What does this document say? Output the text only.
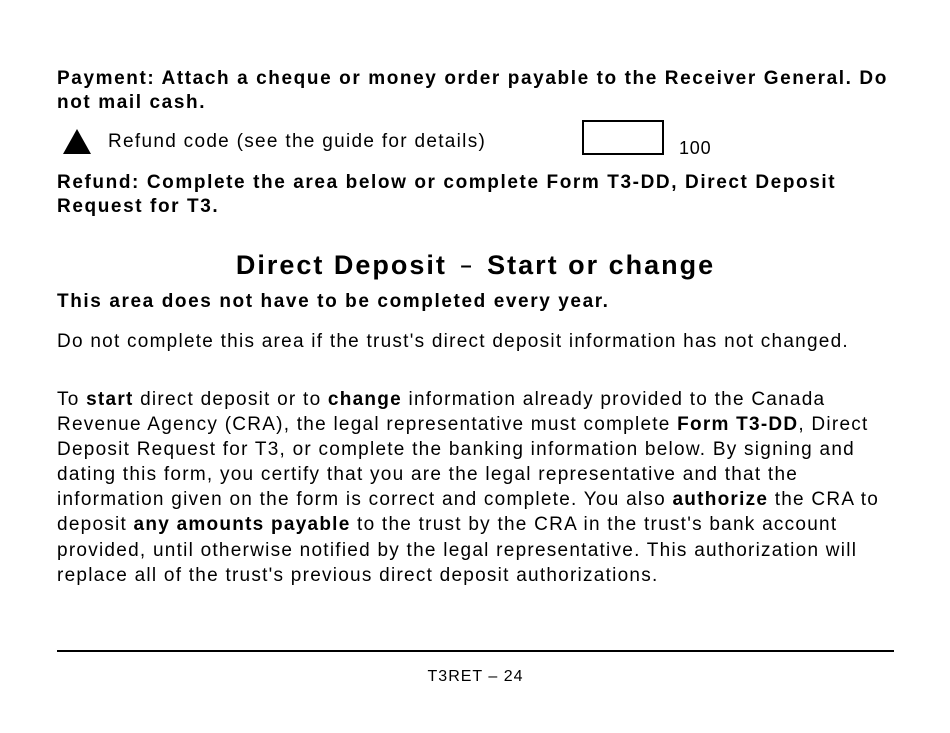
Payment: Attach a cheque or money order payable to the Receiver General. Do not mail cash.
Refund code (see the guide for details)	100
Refund: Complete the area below or complete Form T3-DD, Direct Deposit Request for T3.
Direct Deposit – Start or change
This area does not have to be completed every year.
Do not complete this area if the trust's direct deposit information has not changed.
To start direct deposit or to change information already provided to the Canada Revenue Agency (CRA), the legal representative must complete Form T3-DD, Direct Deposit Request for T3, or complete the banking information below. By signing and dating this form, you certify that you are the legal representative and that the information given on the form is correct and complete. You also authorize the CRA to deposit any amounts payable to the trust by the CRA in the trust's bank account provided, until otherwise notified by the legal representative. This authorization will replace all of the trust's previous direct deposit authorizations.
T3RET – 24
